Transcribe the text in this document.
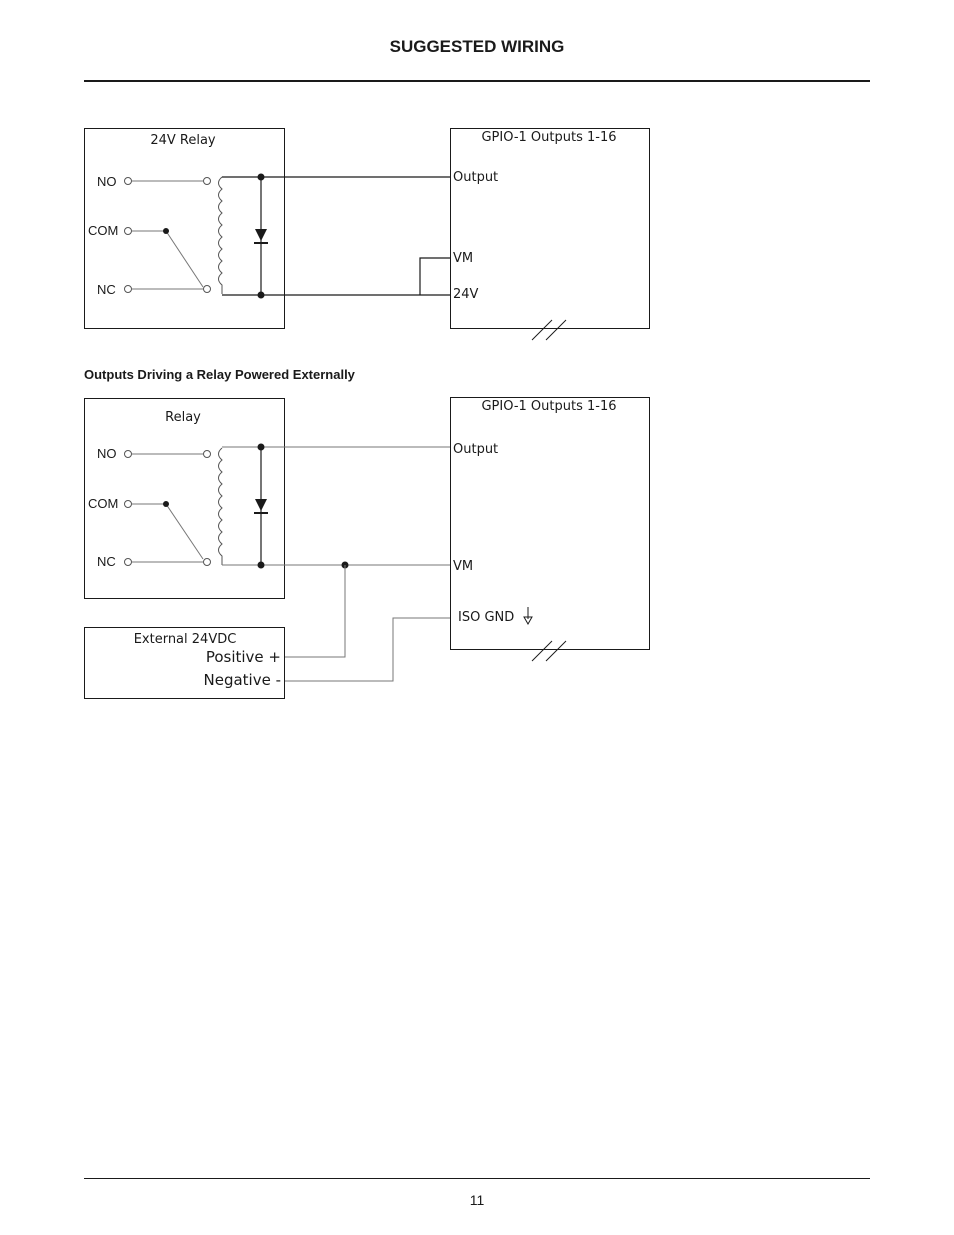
SUGGESTED WIRING
24V Relay
NO
COM
NC
GPIO-1 Outputs 1-16
Output
VM
24V
Relay
NO
COM
NC
GPIO-1 Outputs 1-16
Output
VM
ISO GND
External 24VDC
Positive +
Negative -
Outputs Driving a Relay Powered Externally
11
